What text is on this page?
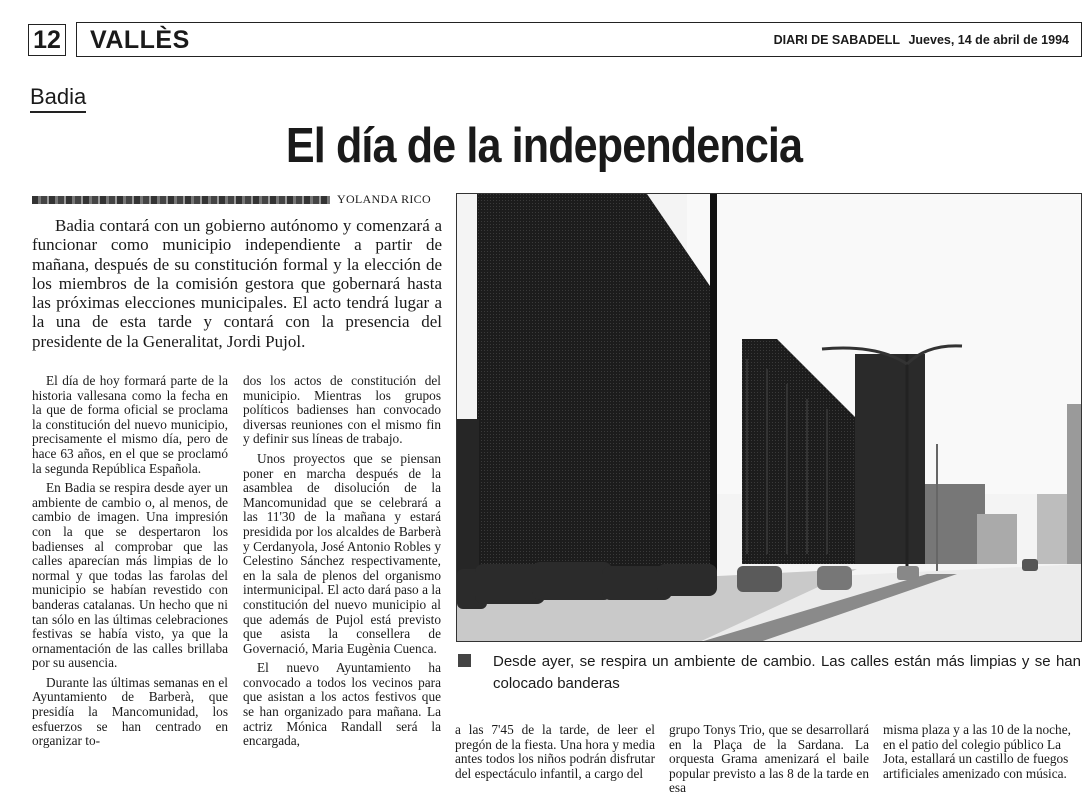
12 VALLÈS	DIARI DE SABADELL Jueves, 14 de abril de 1994
Badia
El día de la independencia
YOLANDA RICO
Badia contará con un gobierno autónomo y comenzará a funcionar como municipio independiente a partir de mañana, después de su constitución formal y la elección de los miembros de la comisión gestora que gobernará hasta las próximas elecciones municipales. El acto tendrá lugar a la una de esta tarde y contará con la presencia del presidente de la Generalitat, Jordi Pujol.

El día de hoy formará parte de la historia vallesana como la fecha en la que de forma oficial se proclama la constitución del nuevo municipio, precisamente el mismo día, pero de hace 63 años, en el que se proclamó la segunda República Española.

En Badia se respira desde ayer un ambiente de cambio o, al menos, de cambio de imagen. Una impresión con la que se despertaron los badienses al comprobar que las calles aparecían más limpias de lo normal y que todas las farolas del municipio se habían revestido con banderas catalanas. Un hecho que ni tan sólo en las últimas celebraciones festivas se había visto, ya que la ornamentación de las calles brillaba por su ausencia.

Durante las últimas semanas en el Ayuntamiento de Barberà, que presidía la Mancomunidad, los esfuerzos se han centrado en organizar to-

dos los actos de constitución del municipio. Mientras los grupos políticos badienses han convocado diversas reuniones con el mismo fin y definir sus líneas de trabajo.

Unos proyectos que se piensan poner en marcha después de la asamblea de disolución de la Mancomunidad que se celebrará a las 11'30 de la mañana y estará presidida por los alcaldes de Barberà y Cerdanyola, José Antonio Robles y Celestino Sánchez respectivamente, en la sala de plenos del organismo intermunicipal. El acto dará paso a la constitución del nuevo municipio al que además de Pujol está previsto que asista la consellera de Governació, Maria Eugènia Cuenca.

El nuevo Ayuntamiento ha convocado a todos los vecinos para que asistan a los actos festivos que se han organizado para mañana. La actriz Mónica Randall será la encargada,

Desde ayer, se respira un ambiente de cambio. Las calles están más limpias y se han colocado banderas

a las 7'45 de la tarde, de leer el pregón de la fiesta. Una hora y media antes todos los niños podrán disfrutar del espectáculo infantil, a cargo del

grupo Tonys Trio, que se desarrollará en la Plaça de la Sardana. La orquesta Grama amenizará el baile popular previsto a las 8 de la tarde en esa

misma plaza y a las 10 de la noche, en el patio del colegio público La Jota, estallará un castillo de fuegos artificiales amenizado con música.
